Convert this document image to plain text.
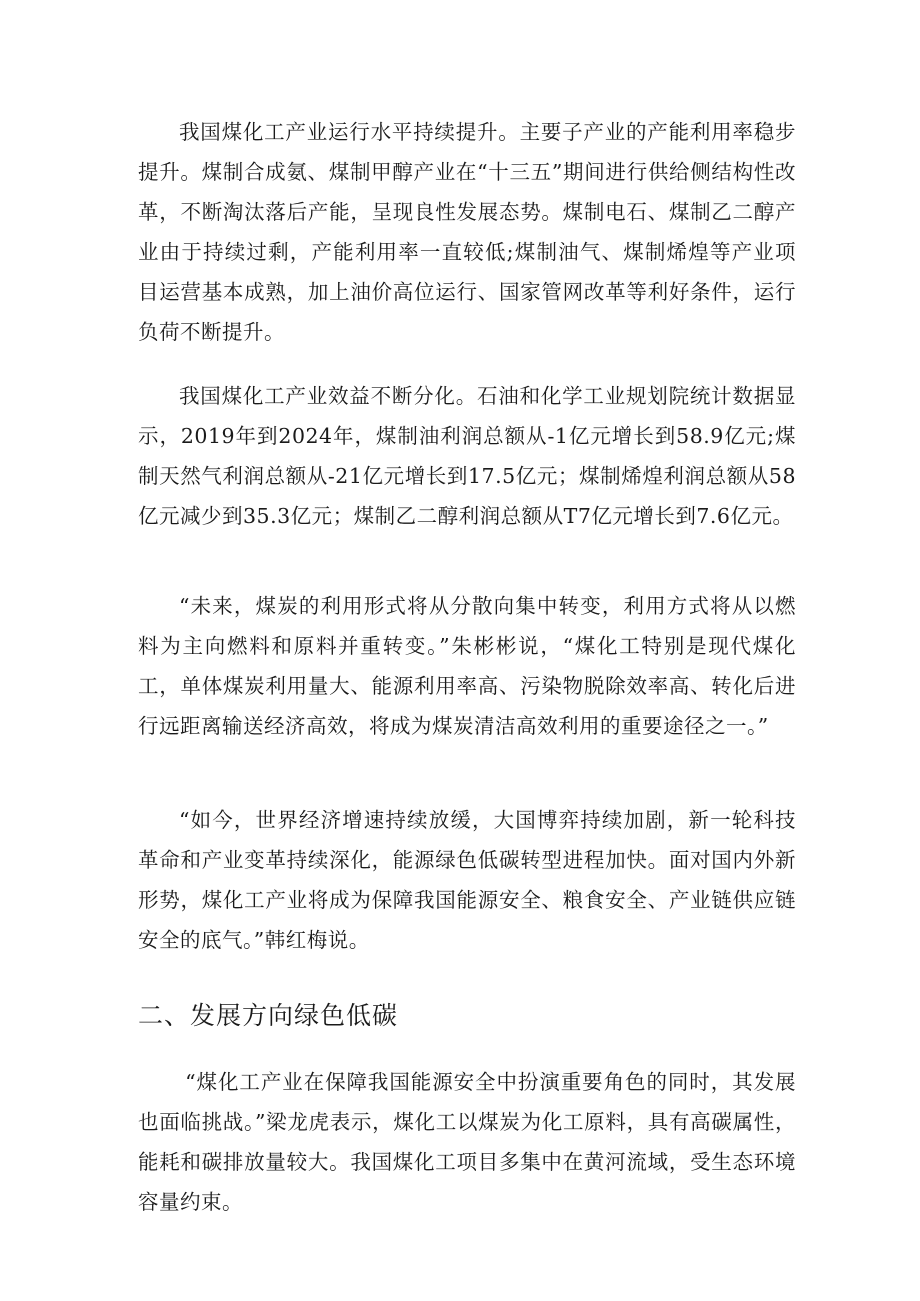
我国煤化工产业运行水平持续提升。主要子产业的产能利用率稳步提升。煤制合成氨、煤制甲醇产业在“十三五”期间进行供给侧结构性改革，不断淘汰落后产能，呈现良性发展态势。煤制电石、煤制乙二醇产业由于持续过剩，产能利用率一直较低;煤制油气、煤制烯煌等产业项目运营基本成熟，加上油价高位运行、国家管网改革等利好条件，运行负荷不断提升。

我国煤化工产业效益不断分化。石油和化学工业规划院统计数据显示，2019年到2024年，煤制油利润总额从-1亿元增长到58.9亿元;煤制天然气利润总额从-21亿元增长到17.5亿元；煤制烯煌利润总额从58亿元减少到35.3亿元；煤制乙二醇利润总额从T7亿元增长到7.6亿元。

“未来，煤炭的利用形式将从分散向集中转变，利用方式将从以燃料为主向燃料和原料并重转变。”朱彬彬说，“煤化工特别是现代煤化工，单体煤炭利用量大、能源利用率高、污染物脱除效率高、转化后进行远距离输送经济高效，将成为煤炭清洁高效利用的重要途径之一。”

“如今，世界经济增速持续放缓，大国博弈持续加剧，新一轮科技革命和产业变革持续深化，能源绿色低碳转型进程加快。面对国内外新形势，煤化工产业将成为保障我国能源安全、粮食安全、产业链供应链安全的底气。”韩红梅说。

二、发展方向绿色低碳

“煤化工产业在保障我国能源安全中扮演重要角色的同时，其发展也面临挑战。”梁龙虎表示，煤化工以煤炭为化工原料，具有高碳属性，能耗和碳排放量较大。我国煤化工项目多集中在黄河流域，受生态环境容量约束。
